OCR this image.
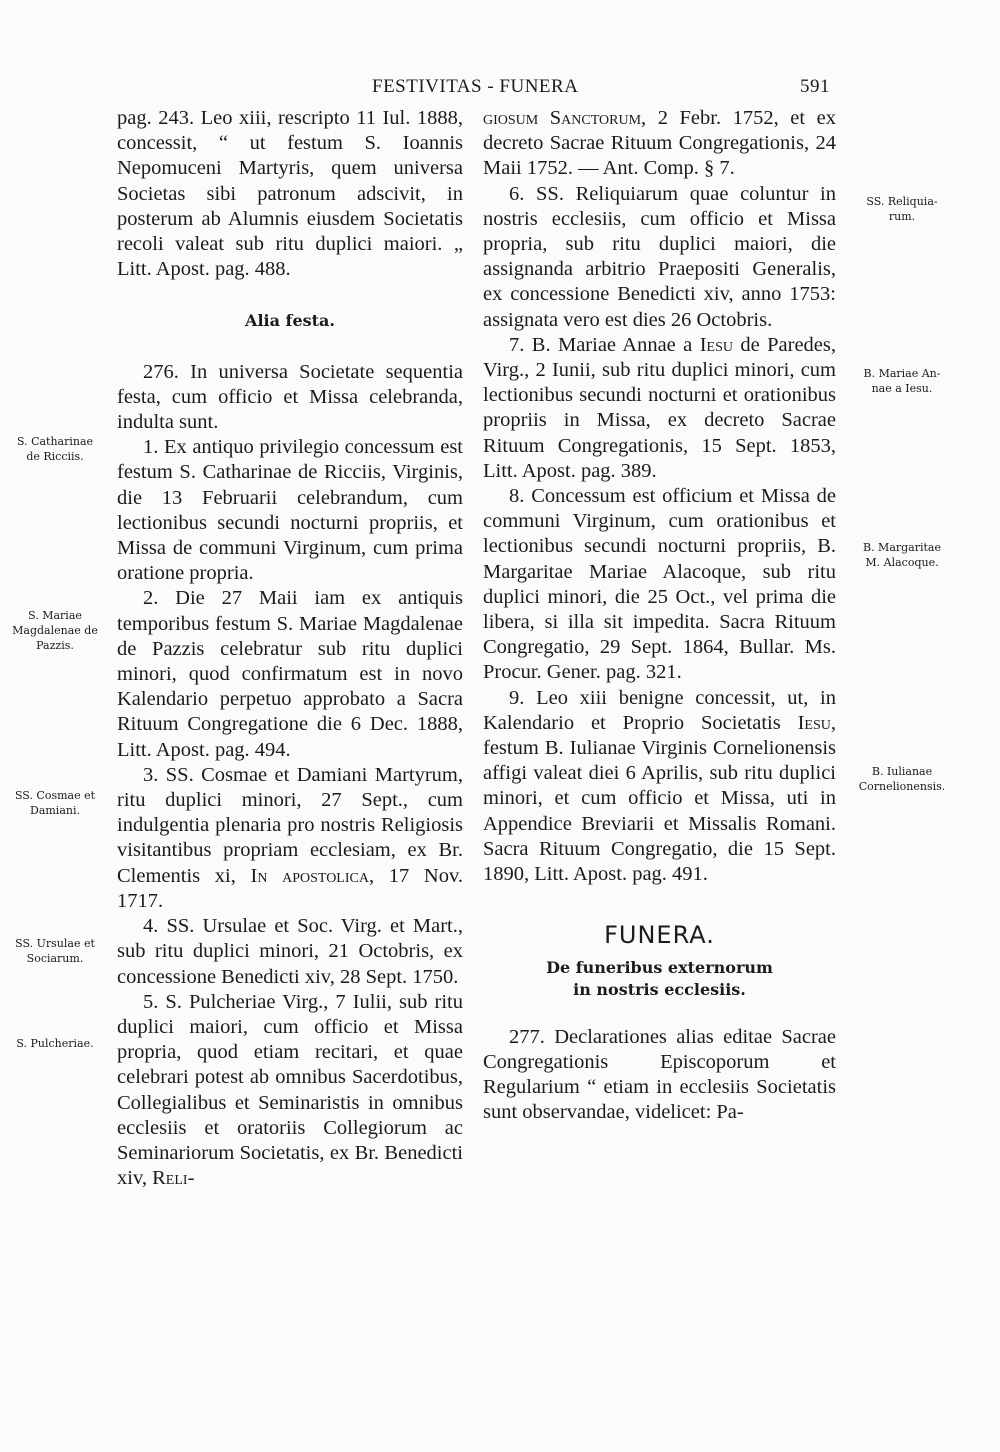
FESTIVITAS - FUNERA	591

pag. 243. Leo xiii, rescripto 11 Iul. 1888, concessit, “ ut festum S. Ioannis Nepomuceni Martyris, quem universa Societas sibi patronum adscivit, in posterum ab Alumnis eiusdem Societatis recoli valeat sub ritu duplici maiori. „ Litt. Apost. pag. 488.

Alia festa.

276. In universa Societate sequentia festa, cum officio et Missa celebranda, indulta sunt.

1. Ex antiquo privilegio concessum est festum S. Catharinae de Ricciis, Virginis, die 13 Februarii celebrandum, cum lectionibus secundi nocturni propriis, et Missa de communi Virginum, cum prima oratione propria.

2. Die 27 Maii iam ex antiquis temporibus festum S. Mariae Magdalenae de Pazzis celebratur sub ritu duplici minori, quod confirmatum est in novo Kalendario perpetuo approbato a Sacra Rituum Congregatione die 6 Dec. 1888, Litt. Apost. pag. 494.

3. SS. Cosmae et Damiani Martyrum, ritu duplici minori, 27 Sept., cum indulgentia plenaria pro nostris Religiosis visitantibus propriam ecclesiam, ex Br. Clementis xi, In apostolica, 17 Nov. 1717.

4. SS. Ursulae et Soc. Virg. et Mart., sub ritu duplici minori, 21 Octobris, ex concessione Benedicti xiv, 28 Sept. 1750.

5. S. Pulcheriae Virg., 7 Iulii, sub ritu duplici maiori, cum officio et Missa propria, quod etiam recitari, et quae celebrari potest ab omnibus Sacerdotibus, Collegialibus et Seminaristis in omnibus ecclesiis et oratoriis Collegiorum ac Seminariorum Societatis, ex Br. Benedicti xiv, Reli-

giosum Sanctorum, 2 Febr. 1752, et ex decreto Sacrae Rituum Congregationis, 24 Maii 1752. — Ant. Comp. § 7.

6. SS. Reliquiarum quae coluntur in nostris ecclesiis, cum officio et Missa propria, sub ritu duplici maiori, die assignanda arbitrio Praepositi Generalis, ex concessione Benedicti xiv, anno 1753: assignata vero est dies 26 Octobris.

7. B. Mariae Annae a Iesu de Paredes, Virg., 2 Iunii, sub ritu duplici minori, cum lectionibus secundi nocturni et orationibus propriis in Missa, ex decreto Sacrae Rituum Congregationis, 15 Sept. 1853, Litt. Apost. pag. 389.

8. Concessum est officium et Missa de communi Virginum, cum orationibus et lectionibus secundi nocturni propriis, B. Margaritae Mariae Alacoque, sub ritu duplici minori, die 25 Oct., vel prima die libera, si illa sit impedita. Sacra Rituum Congregatio, 29 Sept. 1864, Bullar. Ms. Procur. Gener. pag. 321.

9. Leo xiii benigne concessit, ut, in Kalendario et Proprio Societatis Iesu, festum B. Iulianae Virginis Cornelionensis affigi valeat diei 6 Aprilis, sub ritu duplici minori, et cum officio et Missa, uti in Appendice Breviarii et Missalis Romani. Sacra Rituum Congregatio, die 15 Sept. 1890, Litt. Apost. pag. 491.

FUNERA.
De funeribus externorum
in nostris ecclesiis.

277. Declarationes alias editae Sacrae Congregationis Episcoporum et Regularium “ etiam in ecclesiis Societatis sunt observandae, videlicet: Pa-

S. Catharinae
de Ricciis.
S. Mariae
Magdalenae de
Pazzis.
SS. Cosmae et
Damiani.
SS. Ursulae et
Sociarum.
S. Pulcheriae.
SS. Reliquia-
rum.
B. Mariae An-
nae a Iesu.
B. Margaritae
M. Alacoque.
B. Iulianae
Cornelionensis.
